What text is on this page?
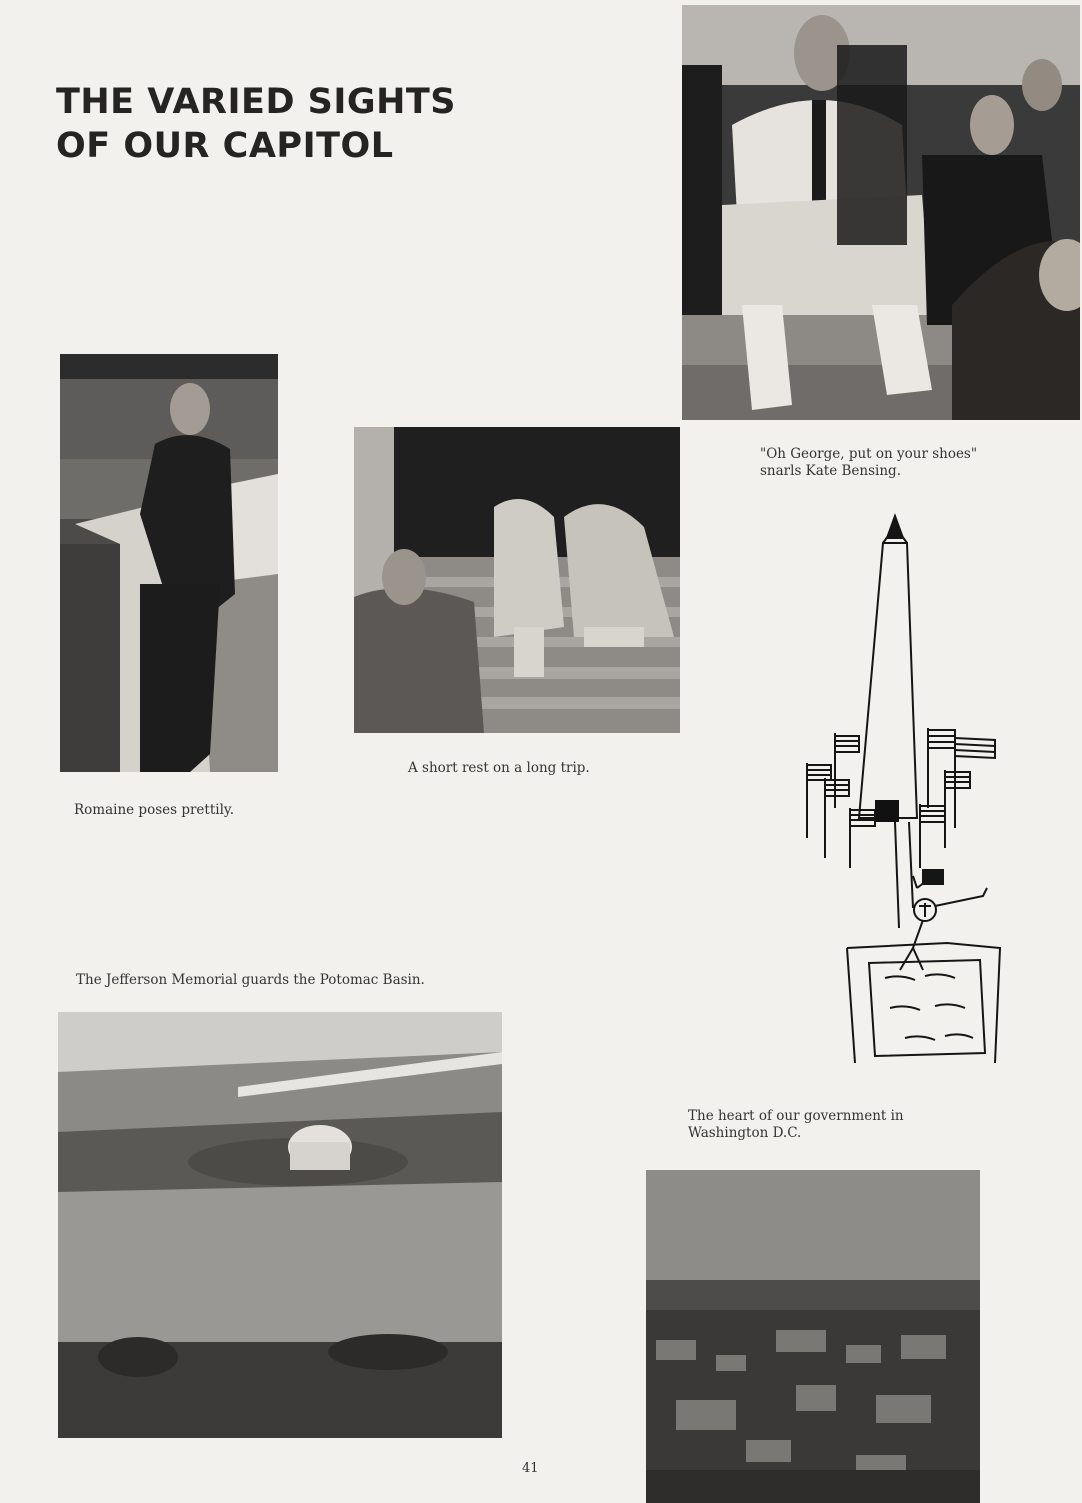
THE VARIED SIGHTS
OF OUR CAPITOL

"Oh George, put on your shoes"
snarls Kate Bensing.

Romaine poses prettily.

A short rest on a long trip.

The Jefferson Memorial guards the Potomac Basin.

The heart of our government in
Washington D.C.

41
